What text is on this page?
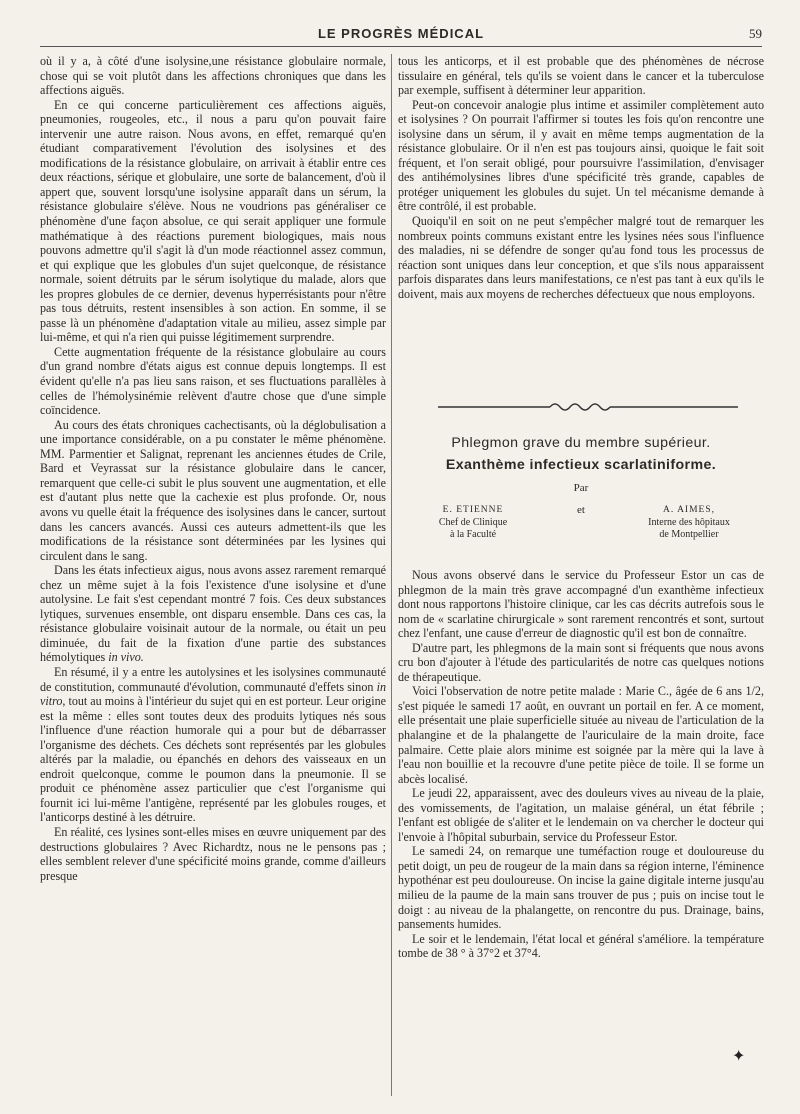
LE PROGRÈS MÉDICAL	59

où il y a, à côté d'une isolysine,une résistance globulaire normale, chose qui se voit plutôt dans les affections chroniques que dans les affections aiguës.

En ce qui concerne particulièrement ces affections aiguës, pneumonies, rougeoles, etc., il nous a paru qu'on pouvait faire intervenir une autre raison. Nous avons, en effet, remarqué qu'en étudiant comparativement l'évolution des isolysines et des modifications de la résistance globulaire, on arrivait à établir entre ces deux réactions, sérique et globulaire, une sorte de balancement, d'où il appert que, souvent lorsqu'une isolysine apparaît dans un sérum, la résistance globulaire s'élève. Nous ne voudrions pas généraliser ce phénomène d'une façon absolue, ce qui serait appliquer une formule mathématique à des réactions purement biologiques, mais nous pouvons admettre qu'il s'agit là d'un mode réactionnel assez commun, et qui explique que les globules d'un sujet quelconque, de résistance normale, soient détruits par le sérum isolytique du malade, alors que les propres globules de ce dernier, devenus hyperrésistants pour n'être pas tous détruits, restent insensibles à son action. En somme, il se passe là un phénomène d'adaptation vitale au milieu, assez simple par lui-même, et qui n'a rien qui puisse légitimement surprendre.

Cette augmentation fréquente de la résistance globulaire au cours d'un grand nombre d'états aigus est connue depuis longtemps. Il est évident qu'elle n'a pas lieu sans raison, et ses fluctuations parallèles à celles de l'hémolysinémie relèvent d'autre chose que d'une simple coïncidence.

Au cours des états chroniques cachectisants, où la déglobulisation a une importance considérable, on a pu constater le même phénomène. MM. Parmentier et Salignat, reprenant les anciennes études de Crile, Bard et Veyrassat sur la résistance globulaire dans le cancer, remarquent que celle-ci subit le plus souvent une augmentation, et elle est d'autant plus nette que la cachexie est plus profonde. Or, nous avons vu quelle était la fréquence des isolysines dans le cancer, surtout dans les cancers avancés. Aussi ces auteurs admettent-ils que les modifications de la résistance sont déterminées par les lysines qui circulent dans le sang.

Dans les états infectieux aigus, nous avons assez rarement remarqué chez un même sujet à la fois l'existence d'une isolysine et d'une autolysine. Le fait s'est cependant montré 7 fois. Ces deux substances lytiques, survenues ensemble, ont disparu ensemble. Dans ces cas, la résistance globulaire voisinait autour de la normale, ou était un peu diminuée, du fait de la fixation d'une partie des substances hémolytiques in vivo.

En résumé, il y a entre les autolysines et les isolysines communauté de constitution, communauté d'évolution, communauté d'effets sinon in vitro, tout au moins à l'intérieur du sujet qui en est porteur. Leur origine est la même : elles sont toutes deux des produits lytiques nés sous l'influence d'une réaction humorale qui a pour but de débarrasser l'organisme des déchets. Ces déchets sont représentés par les globules altérés par la maladie, ou épanchés en dehors des vaisseaux en un endroit quelconque, comme le poumon dans la pneumonie. Il se produit ce phénomène assez particulier que c'est l'organisme qui fournit ici lui-même l'antigène, représenté par les globules rouges, et l'anticorps destiné à les détruire.

En réalité, ces lysines sont-elles mises en œuvre uniquement par des destructions globulaires ? Avec Richardtz, nous ne le pensons pas ; elles semblent relever d'une spécificité moins grande, comme d'ailleurs presque

tous les anticorps, et il est probable que des phénomènes de nécrose tissulaire en général, tels qu'ils se voient dans le cancer et la tuberculose par exemple, suffisent à déterminer leur apparition.

Peut-on concevoir analogie plus intime et assimiler complètement auto et isolysines ? On pourrait l'affirmer si toutes les fois qu'on rencontre une isolysine dans un sérum, il y avait en même temps augmentation de la résistance globulaire. Or il n'en est pas toujours ainsi, quoique le fait soit fréquent, et l'on serait obligé, pour poursuivre l'assimilation, d'envisager des antihémolysines libres d'une spécificité très grande, capables de protéger uniquement les globules du sujet. Un tel mécanisme demande à être contrôlé, il est probable.

Quoiqu'il en soit on ne peut s'empêcher malgré tout de remarquer les nombreux points communs existant entre les lysines nées sous l'influence des maladies, ni se défendre de songer qu'au fond tous les processus de réaction sont uniques dans leur conception, et que s'ils nous apparaissent parfois disparates dans leurs manifestations, ce n'est pas tant à eux qu'ils le doivent, mais aux moyens de recherches défectueux que nous employons.

Phlegmon grave du membre supérieur.
Exanthème infectieux scarlatiniforme.
Par
E. ETIENNE
Chef de Clinique
à la Faculté
et	A. AIMES,
Interne des hôpitaux
de Montpellier

Nous avons observé dans le service du Professeur Estor un cas de phlegmon de la main très grave accompagné d'un exanthème infectieux dont nous rapportons l'histoire clinique, car les cas décrits autrefois sous le nom de « scarlatine chirurgicale » sont rarement rencontrés et sont, surtout chez l'enfant, une cause d'erreur de diagnostic qu'il est bon de connaître.

D'autre part, les phlegmons de la main sont si fréquents que nous avons cru bon d'ajouter à l'étude des particularités de notre cas quelques notions de thérapeutique.

Voici l'observation de notre petite malade : Marie C., âgée de 6 ans 1/2, s'est piquée le samedi 17 août, en ouvrant un portail en fer. A ce moment, elle présentait une plaie superficielle située au niveau de l'articulation de la phalangine et de la phalangette de l'auriculaire de la main droite, face palmaire. Cette plaie alors minime est soignée par la mère qui la lave à l'eau non bouillie et la recouvre d'une petite pièce de toile. Il se forme un abcès localisé.

Le jeudi 22, apparaissent, avec des douleurs vives au niveau de la plaie, des vomissements, de l'agitation, un malaise général, un état fébrile ; l'enfant est obligée de s'aliter et le lendemain on va chercher le docteur qui l'envoie à l'hôpital suburbain, service du Professeur Estor.

Le samedi 24, on remarque une tuméfaction rouge et douloureuse du petit doigt, un peu de rougeur de la main dans sa région interne, l'éminence hypothénar est peu douloureuse. On incise la gaine digitale interne jusqu'au milieu de la paume de la main sans trouver de pus ; puis on incise tout le doigt : au niveau de la phalangette, on rencontre du pus. Drainage, bains, pansements humides.

Le soir et le lendemain, l'état local et général s'améliore. la température tombe de 38 ° à 37°2 et 37°4.

✦
